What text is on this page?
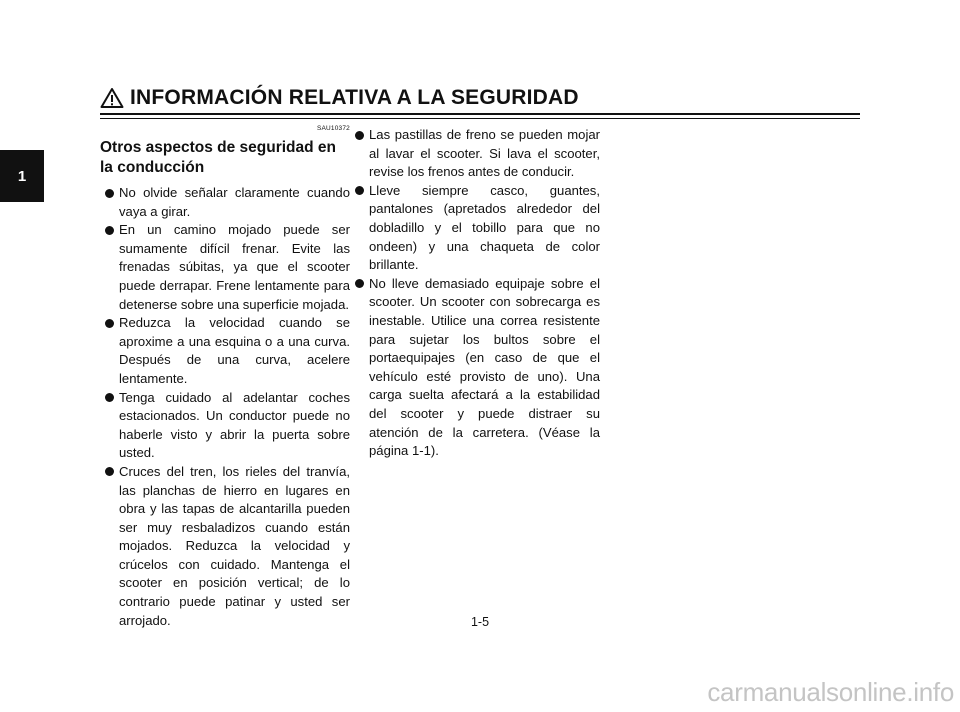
INFORMACIÓN RELATIVA A LA SEGURIDAD
1
SAU10372
Otros aspectos de seguridad en la conducción
No olvide señalar claramente cuando vaya a girar.
En un camino mojado puede ser sumamente difícil frenar. Evite las frenadas súbitas, ya que el scooter puede derrapar. Frene lentamente para detenerse sobre una superficie mojada.
Reduzca la velocidad cuando se aproxime a una esquina o a una curva. Después de una curva, acelere lentamente.
Tenga cuidado al adelantar coches estacionados. Un conductor puede no haberle visto y abrir la puerta sobre usted.
Cruces del tren, los rieles del tranvía, las planchas de hierro en lugares en obra y las tapas de alcantarilla pueden ser muy resbaladizos cuando están mojados. Reduzca la velocidad y crúcelos con cuidado. Mantenga el scooter en posición vertical; de lo contrario puede patinar y usted ser arrojado.
Las pastillas de freno se pueden mojar al lavar el scooter. Si lava el scooter, revise los frenos antes de conducir.
Lleve siempre casco, guantes, pantalones (apretados alrededor del dobladillo y el tobillo para que no ondeen) y una chaqueta de color brillante.
No lleve demasiado equipaje sobre el scooter. Un scooter con sobrecarga es inestable. Utilice una correa resistente para sujetar los bultos sobre el portaequipajes (en caso de que el vehículo esté provisto de uno). Una carga suelta afectará a la estabilidad del scooter y puede distraer su atención de la carretera. (Véase la página 1-1).
1-5
carmanualsonline.info
